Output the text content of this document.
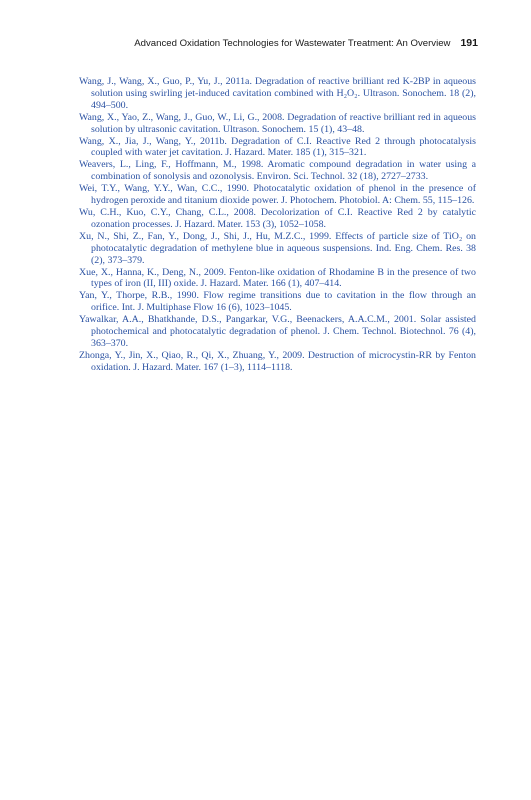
Advanced Oxidation Technologies for Wastewater Treatment: An Overview 191
Wang, J., Wang, X., Guo, P., Yu, J., 2011a. Degradation of reactive brilliant red K-2BP in aqueous solution using swirling jet-induced cavitation combined with H₂O₂. Ultrason. Sonochem. 18 (2), 494–500.
Wang, X., Yao, Z., Wang, J., Guo, W., Li, G., 2008. Degradation of reactive brilliant red in aqueous solution by ultrasonic cavitation. Ultrason. Sonochem. 15 (1), 43–48.
Wang, X., Jia, J., Wang, Y., 2011b. Degradation of C.I. Reactive Red 2 through photocatalysis coupled with water jet cavitation. J. Hazard. Mater. 185 (1), 315–321.
Weavers, L., Ling, F., Hoffmann, M., 1998. Aromatic compound degradation in water using a combination of sonolysis and ozonolysis. Environ. Sci. Technol. 32 (18), 2727–2733.
Wei, T.Y., Wang, Y.Y., Wan, C.C., 1990. Photocatalytic oxidation of phenol in the presence of hydrogen peroxide and titanium dioxide power. J. Photochem. Photobiol. A: Chem. 55, 115–126.
Wu, C.H., Kuo, C.Y., Chang, C.L., 2008. Decolorization of C.I. Reactive Red 2 by catalytic ozonation processes. J. Hazard. Mater. 153 (3), 1052–1058.
Xu, N., Shi, Z., Fan, Y., Dong, J., Shi, J., Hu, M.Z.C., 1999. Effects of particle size of TiO₂ on photocatalytic degradation of methylene blue in aqueous suspensions. Ind. Eng. Chem. Res. 38 (2), 373–379.
Xue, X., Hanna, K., Deng, N., 2009. Fenton-like oxidation of Rhodamine B in the presence of two types of iron (II, III) oxide. J. Hazard. Mater. 166 (1), 407–414.
Yan, Y., Thorpe, R.B., 1990. Flow regime transitions due to cavitation in the flow through an orifice. Int. J. Multiphase Flow 16 (6), 1023–1045.
Yawalkar, A.A., Bhatkhande, D.S., Pangarkar, V.G., Beenackers, A.A.C.M., 2001. Solar assisted photochemical and photocatalytic degradation of phenol. J. Chem. Technol. Biotechnol. 76 (4), 363–370.
Zhonga, Y., Jin, X., Qiao, R., Qi, X., Zhuang, Y., 2009. Destruction of microcystin-RR by Fenton oxidation. J. Hazard. Mater. 167 (1–3), 1114–1118.
